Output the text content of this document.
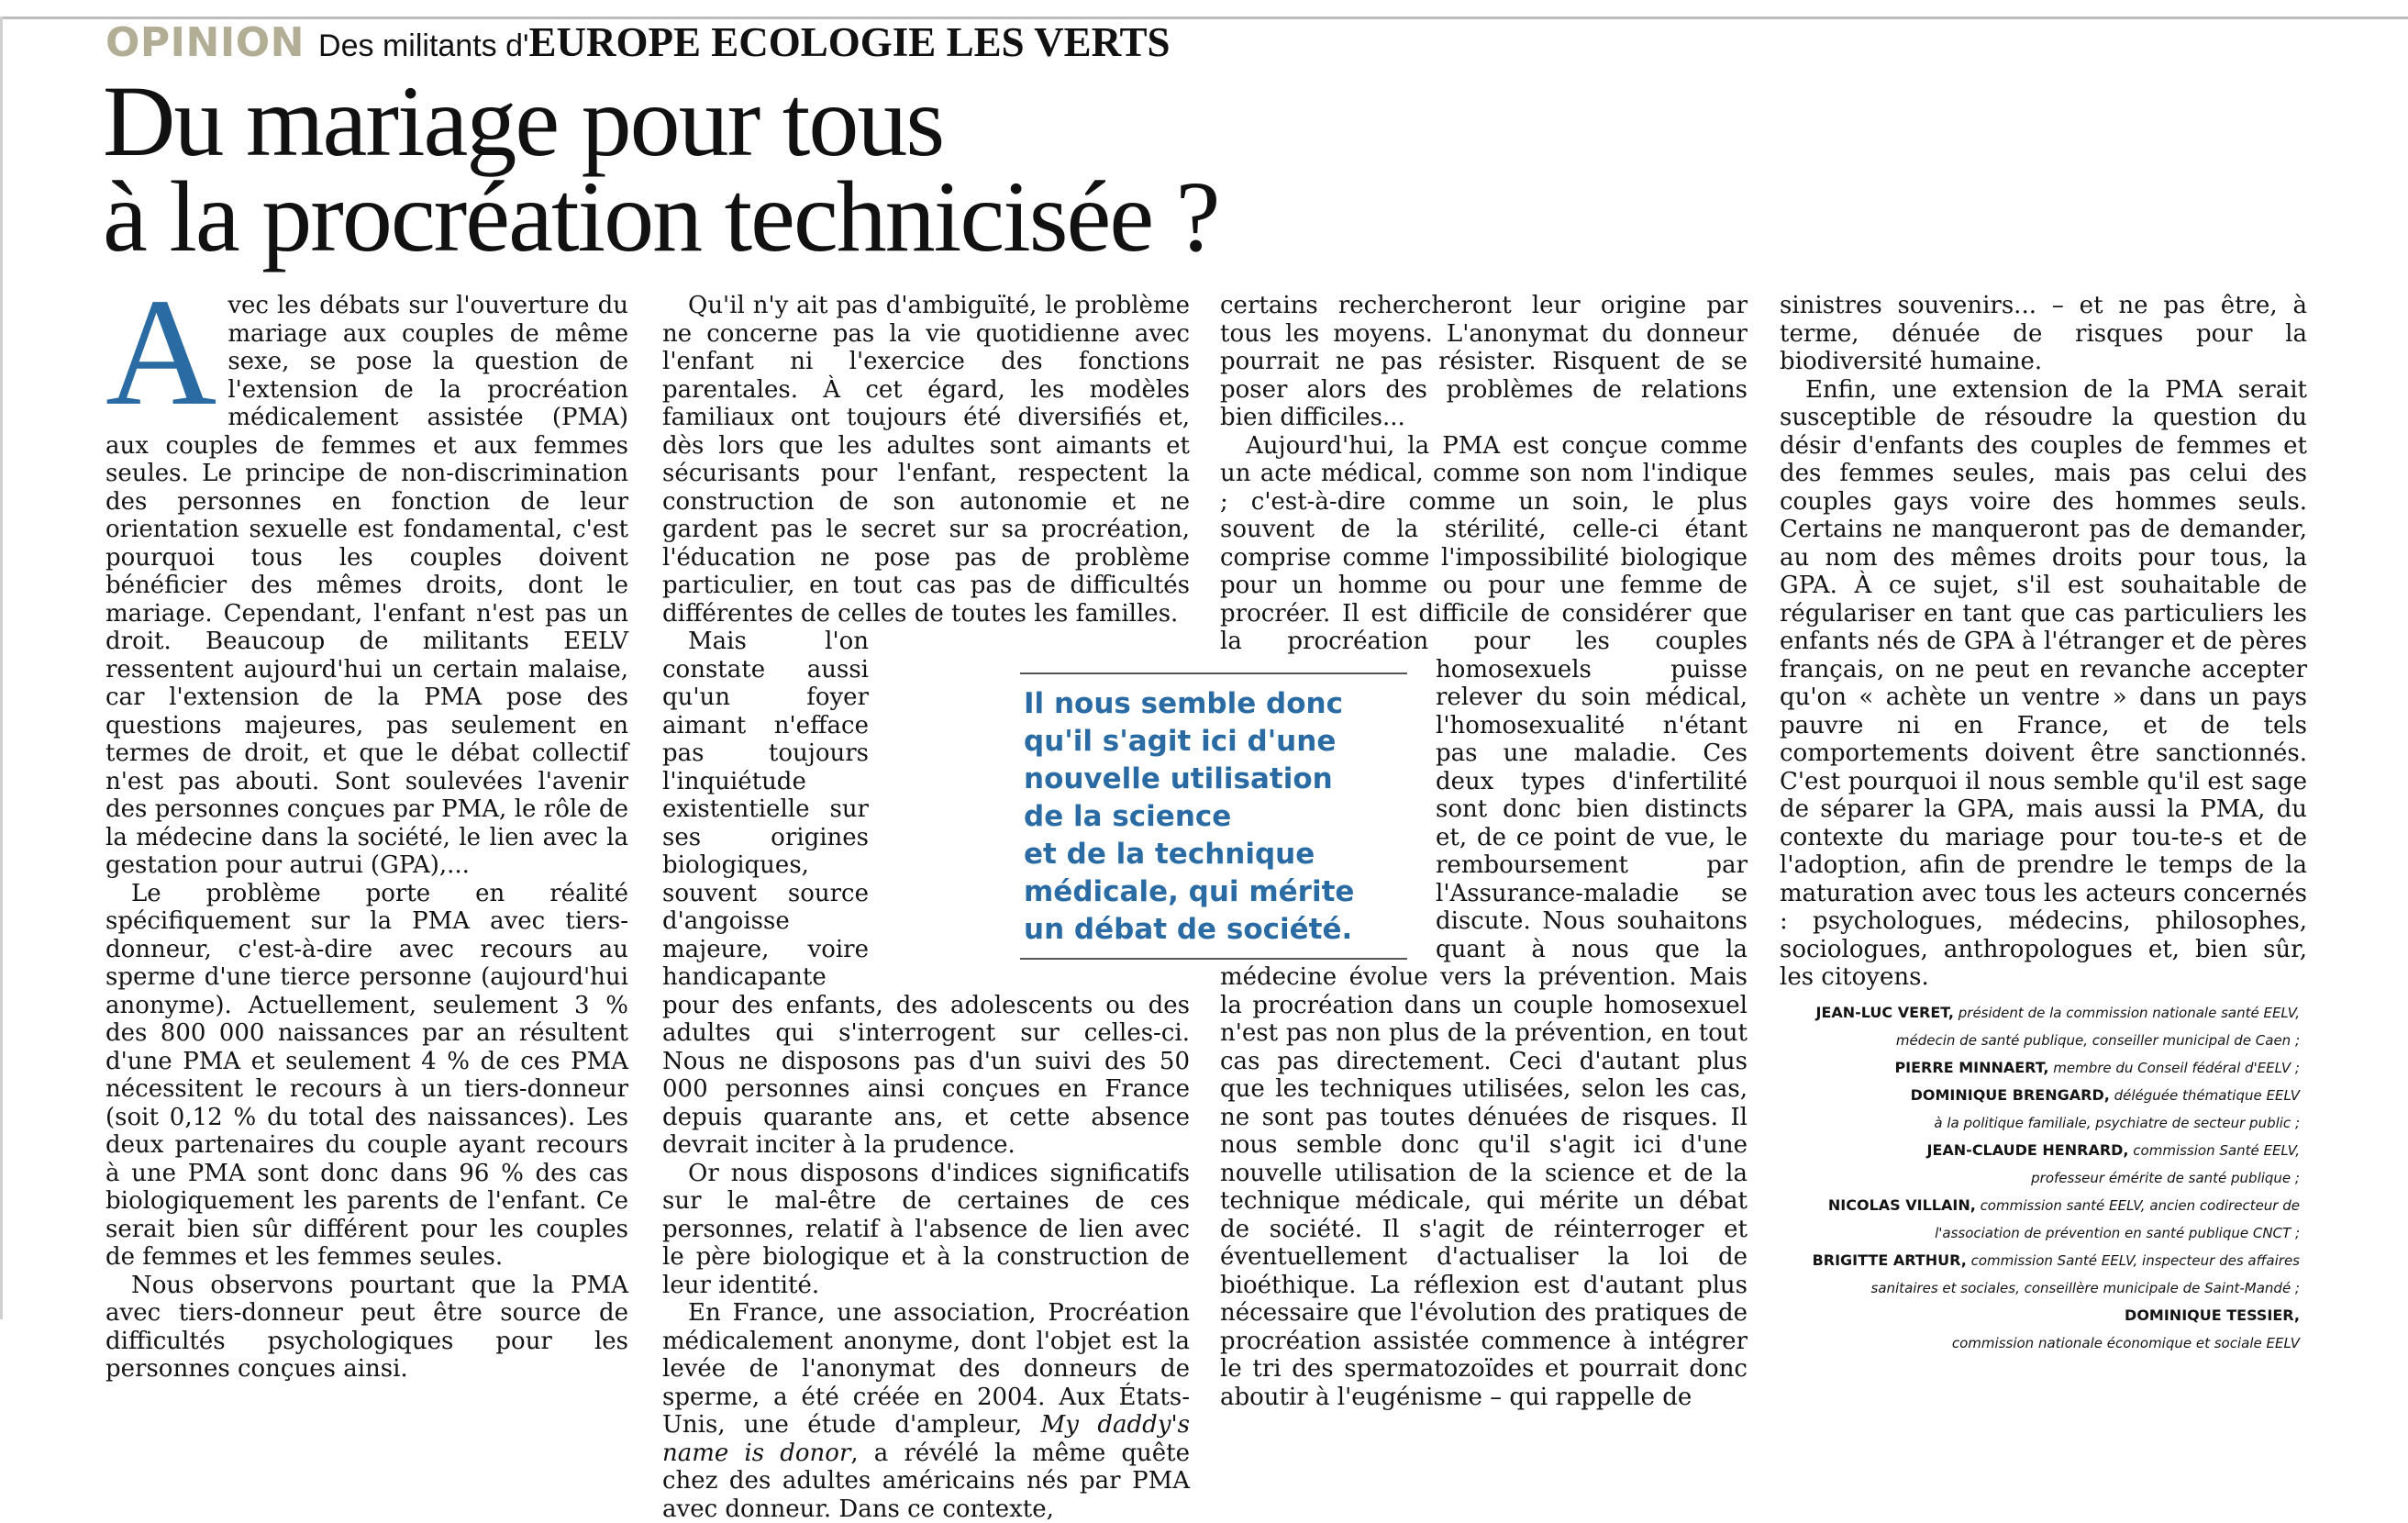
OPINION Des militants d'EUROPE ECOLOGIE LES VERTS
Du mariage pour tous
à la procréation technicisée ?

Avec les débats sur l'ouverture du mariage aux couples de même sexe, se pose la question de l'extension de la procréation médicalement assistée (PMA) aux couples de femmes et aux femmes seules. Le principe de non-discrimination des personnes en fonction de leur orientation sexuelle est fondamental, c'est pourquoi tous les couples doivent bénéficier des mêmes droits, dont le mariage. Cependant, l'enfant n'est pas un droit. Beaucoup de militants EELV ressentent aujourd'hui un certain malaise, car l'extension de la PMA pose des questions majeures, pas seulement en termes de droit, et que le débat collectif n'est pas abouti. Sont soulevées l'avenir des personnes conçues par PMA, le rôle de la médecine dans la société, le lien avec la gestation pour autrui (GPA),...

Le problème porte en réalité spécifiquement sur la PMA avec tiers-donneur, c'est-à-dire avec recours au sperme d'une tierce personne (aujourd'hui anonyme). Actuellement, seulement 3 % des 800 000 naissances par an résultent d'une PMA et seulement 4 % de ces PMA nécessitent le recours à un tiers-donneur (soit 0,12 % du total des naissances). Les deux partenaires du couple ayant recours à une PMA sont donc dans 96 % des cas biologiquement les parents de l'enfant. Ce serait bien sûr différent pour les couples de femmes et les femmes seules.

Nous observons pourtant que la PMA avec tiers-donneur peut être source de difficultés psychologiques pour les personnes conçues ainsi.

Qu'il n'y ait pas d'ambiguïté, le problème ne concerne pas la vie quotidienne avec l'enfant ni l'exercice des fonctions parentales. À cet égard, les modèles familiaux ont toujours été diversifiés et, dès lors que les adultes sont aimants et sécurisants pour l'enfant, respectent la construction de son autonomie et ne gardent pas le secret sur sa procréation, l'éducation ne pose pas de problème particulier, en tout cas pas de difficultés différentes de celles de toutes les familles.

Mais l'on constate aussi qu'un foyer aimant n'efface pas toujours l'inquiétude existentielle sur ses origines biologiques, souvent source d'angoisse majeure, voire handicapante pour des enfants, des adolescents ou des adultes qui s'interrogent sur celles-ci. Nous ne disposons pas d'un suivi des 50 000 personnes ainsi conçues en France depuis quarante ans, et cette absence devrait inciter à la prudence.

Or nous disposons d'indices significatifs sur le mal-être de certaines de ces personnes, relatif à l'absence de lien avec le père biologique et à la construction de leur identité.

En France, une association, Procréation médicalement anonyme, dont l'objet est la levée de l'anonymat des donneurs de sperme, a été créée en 2004. Aux États-Unis, une étude d'ampleur, My daddy's name is donor, a révélé la même quête chez des adultes américains nés par PMA avec donneur. Dans ce contexte,

certains rechercheront leur origine par tous les moyens. L'anonymat du donneur pourrait ne pas résister. Risquent de se poser alors des problèmes de relations bien difficiles...

Aujourd'hui, la PMA est conçue comme un acte médical, comme son nom l'indique ; c'est-à-dire comme un soin, le plus souvent de la stérilité, celle-ci étant comprise comme l'impossibilité biologique pour un homme ou pour une femme de procréer. Il est difficile de considérer que la procréation pour les couples homosexuels puisse relever du soin médical, l'homosexualité n'étant pas une maladie. Ces deux types d'infertilité sont donc bien distincts et, de ce point de vue, le remboursement par l'Assurance-maladie se discute. Nous souhaitons quant à nous que la médecine évolue vers la prévention. Mais la procréation dans un couple homosexuel n'est pas non plus de la prévention, en tout cas pas directement. Ceci d'autant plus que les techniques utilisées, selon les cas, ne sont pas toutes dénuées de risques. Il nous semble donc qu'il s'agit ici d'une nouvelle utilisation de la science et de la technique médicale, qui mérite un débat de société. Il s'agit de réinterroger et éventuellement d'actualiser la loi de bioéthique. La réflexion est d'autant plus nécessaire que l'évolution des pratiques de procréation assistée commence à intégrer le tri des spermatozoïdes et pourrait donc aboutir à l'eugénisme – qui rappelle de

sinistres souvenirs... – et ne pas être, à terme, dénuée de risques pour la biodiversité humaine.

Enfin, une extension de la PMA serait susceptible de résoudre la question du désir d'enfants des couples de femmes et des femmes seules, mais pas celui des couples gays voire des hommes seuls. Certains ne manqueront pas de demander, au nom des mêmes droits pour tous, la GPA. À ce sujet, s'il est souhaitable de régulariser en tant que cas particuliers les enfants nés de GPA à l'étranger et de pères français, on ne peut en revanche accepter qu'on « achète un ventre » dans un pays pauvre ni en France, et de tels comportements doivent être sanctionnés. C'est pourquoi il nous semble qu'il est sage de séparer la GPA, mais aussi la PMA, du contexte du mariage pour tou-te-s et de l'adoption, afin de prendre le temps de la maturation avec tous les acteurs concernés : psychologues, médecins, philosophes, sociologues, anthropologues et, bien sûr, les citoyens.

JEAN-LUC VERET, président de la commission nationale santé EELV,
médecin de santé publique, conseiller municipal de Caen ;
PIERRE MINNAERT, membre du Conseil fédéral d'EELV ;
DOMINIQUE BRENGARD, déléguée thématique EELV
à la politique familiale, psychiatre de secteur public ;
JEAN-CLAUDE HENRARD, commission Santé EELV,
professeur émérite de santé publique ;
NICOLAS VILLAIN, commission santé EELV, ancien codirecteur de
l'association de prévention en santé publique CNCT ;
BRIGITTE ARTHUR, commission Santé EELV, inspecteur des affaires
sanitaires et sociales, conseillère municipale de Saint-Mandé ;
DOMINIQUE TESSIER,
commission nationale économique et sociale EELV
Il nous semble donc
qu'il s'agit ici d'une
nouvelle utilisation
de la science
et de la technique
médicale, qui mérite
un débat de société.
